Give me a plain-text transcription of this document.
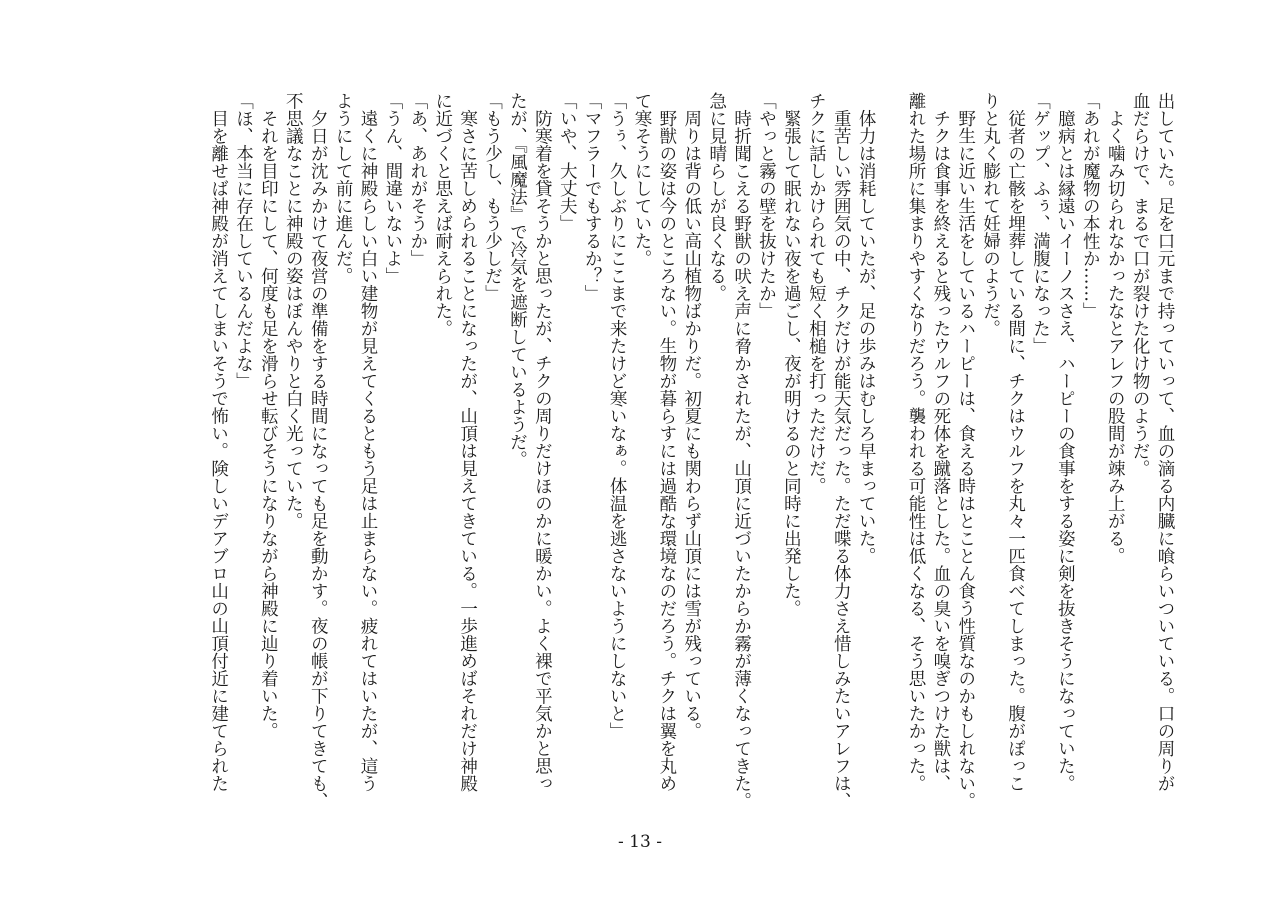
出していた。足を口元まで持っていって、血の滴る内臓に喰らいついている。口の周りが
血だらけで、まるで口が裂けた化け物のようだ。
　よく噛み切られなかったなとアレフの股間が竦み上がる。
「あれが魔物の本性か……」
　臆病とは縁遠いイーノスさえ、ハーピーの食事をする姿に剣を抜きそうになっていた。
「ゲップ、ふぅ、満腹になった」
　従者の亡骸を埋葬している間に、チクはウルフを丸々一匹食べてしまった。腹がぽっこ
りと丸く膨れて妊婦のようだ。
　野生に近い生活をしているハーピーは、食える時はとことん食う性質なのかもしれない。
　チクは食事を終えると残ったウルフの死体を蹴落とした。血の臭いを嗅ぎつけた獣は、
離れた場所に集まりやすくなりだろう。襲われる可能性は低くなる、そう思いたかった。
　体力は消耗していたが、足の歩みはむしろ早まっていた。
　重苦しい雰囲気の中、チクだけが能天気だった。ただ喋る体力さえ惜しみたいアレフは、
チクに話しかけられても短く相槌を打っただけだ。
　緊張して眠れない夜を過ごし、夜が明けるのと同時に出発した。
「やっと霧の壁を抜けたか」
　時折聞こえる野獣の吠え声に脅かされたが、山頂に近づいたからか霧が薄くなってきた。
急に見晴らしが良くなる。
　周りは背の低い高山植物ばかりだ。初夏にも関わらず山頂には雪が残っている。
　野獣の姿は今のところない。生物が暮らすには過酷な環境なのだろう。チクは翼を丸め
て寒そうにしていた。
「うぅ、久しぶりにここまで来たけど寒いなぁ。体温を逃さないようにしないと」
「マフラーでもするか？」
「いや、大丈夫」
　防寒着を貸そうかと思ったが、チクの周りだけほのかに暖かい。よく裸で平気かと思っ
たが、『風魔法』で冷気を遮断しているようだ。
「もう少し、もう少しだ」
　寒さに苦しめられることになったが、山頂は見えてきている。一歩進めばそれだけ神殿
に近づくと思えば耐えられた。
「あ、あれがそうか」
「うん、間違いないよ」
　遠くに神殿らしい白い建物が見えてくるともう足は止まらない。疲れてはいたが、這う
ようにして前に進んだ。
　夕日が沈みかけて夜営の準備をする時間になっても足を動かす。夜の帳が下りてきても、
不思議なことに神殿の姿はぼんやりと白く光っていた。
　それを目印にして、何度も足を滑らせ転びそうになりながら神殿に辿り着いた。
「ほ、本当に存在しているんだよな」
　目を離せば神殿が消えてしまいそうで怖い。険しいデアブロ山の山頂付近に建てられた
- 13 -
